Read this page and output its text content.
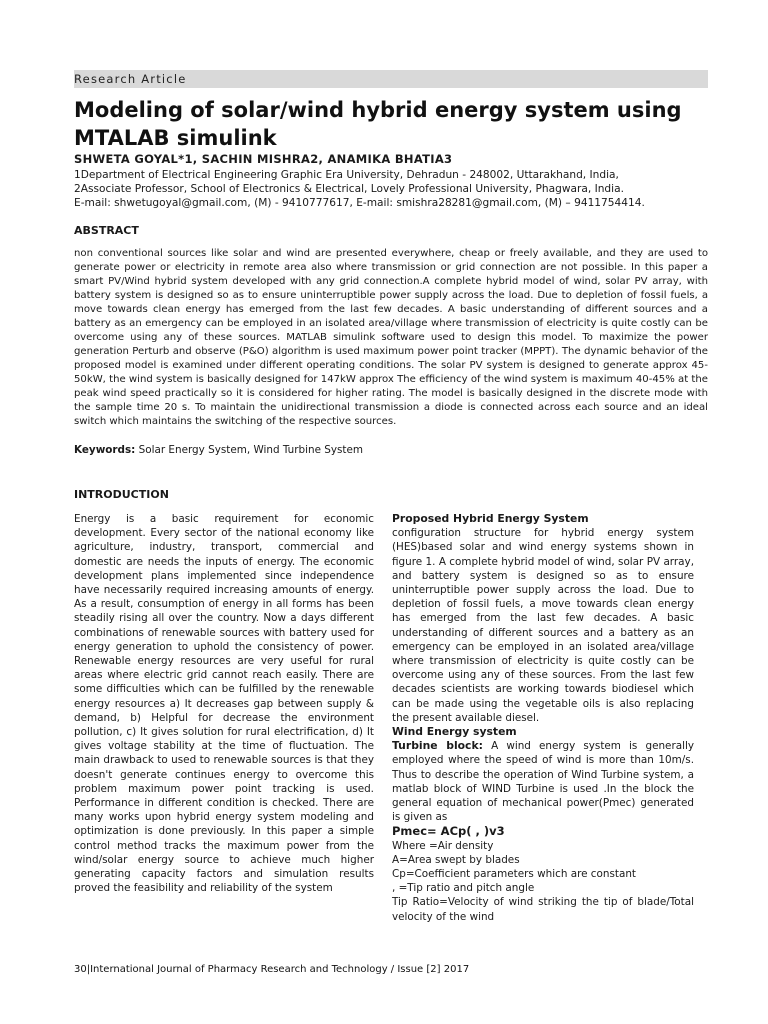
Research Article
Modeling of solar/wind hybrid energy system using MTALAB simulink
SHWETA GOYAL*1, SACHIN MISHRA2, ANAMIKA BHATIA3
1Department of Electrical Engineering Graphic Era University, Dehradun - 248002, Uttarakhand, India,
2Associate Professor, School of Electronics & Electrical, Lovely Professional University, Phagwara, India.
E-mail: shwetugoyal@gmail.com, (M) - 9410777617, E-mail: smishra28281@gmail.com, (M) – 9411754414.
ABSTRACT

non conventional sources like solar and wind are presented everywhere, cheap or freely available, and they are used to generate power or electricity in remote area also where transmission or grid connection are not possible. In this paper a smart PV/Wind hybrid system developed with any grid connection.A complete hybrid model of wind, solar PV array, with battery system is designed so as to ensure uninterruptible power supply across the load. Due to depletion of fossil fuels, a move towards clean energy has emerged from the last few decades. A basic understanding of different sources and a battery as an emergency can be employed in an isolated area/village where transmission of electricity is quite costly can be overcome using any of these sources. MATLAB simulink software used to design this model. To maximize the power generation Perturb and observe (P&O) algorithm is used maximum power point tracker (MPPT). The dynamic behavior of the proposed model is examined under different operating conditions. The solar PV system is designed to generate approx 45-50kW, the wind system is basically designed for 147kW approx The efficiency of the wind system is maximum 40-45% at the peak wind speed practically so it is considered for higher rating. The model is basically designed in the discrete mode with the sample time 20 s. To maintain the unidirectional transmission a diode is connected across each source and an ideal switch which maintains the switching of the respective sources.

Keywords: Solar Energy System, Wind Turbine System
INTRODUCTION

Energy is a basic requirement for economic development. Every sector of the national economy like agriculture, industry, transport, commercial and domestic are needs the inputs of energy. The economic development plans implemented since independence have necessarily required increasing amounts of energy. As a result, consumption of energy in all forms has been steadily rising all over the country. Now a days different combinations of renewable sources with battery used for energy generation to uphold the consistency of power. Renewable energy resources are very useful for rural areas where electric grid cannot reach easily. There are some difficulties which can be fulfilled by the renewable energy resources a) It decreases gap between supply & demand, b) Helpful for decrease the environment pollution, c) It gives solution for rural electrification, d) It gives voltage stability at the time of fluctuation. The main drawback to used to renewable sources is that they doesn't generate continues energy to overcome this problem maximum power point tracking is used. Performance in different condition is checked. There are many works upon hybrid energy system modeling and optimization is done previously. In this paper a simple control method tracks the maximum power from the wind/solar energy source to achieve much higher generating capacity factors and simulation results proved the feasibility and reliability of the system

Proposed Hybrid Energy System

configuration structure for hybrid energy system (HES)based solar and wind energy systems shown in figure 1. A complete hybrid model of wind, solar PV array, and battery system is designed so as to ensure uninterruptible power supply across the load. Due to depletion of fossil fuels, a move towards clean energy has emerged from the last few decades. A basic understanding of different sources and a battery as an emergency can be employed in an isolated area/village where transmission of electricity is quite costly can be overcome using any of these sources. From the last few decades scientists are working towards biodiesel which can be made using the vegetable oils is also replacing the present available diesel.

Wind Energy system

Turbine block: A wind energy system is generally employed where the speed of wind is more than 10m/s. Thus to describe the operation of Wind Turbine system, a matlab block of WIND Turbine is used .In the block the general equation of mechanical power(Pmec) generated is given as

Pmec= ACp( , )v3

Where =Air density

A=Area swept by blades

Cp=Coefficient parameters which are constant

, =Tip ratio and pitch angle

Tip Ratio=Velocity of wind striking the tip of blade/Total velocity of the wind

30|International Journal of Pharmacy Research and Technology / Issue [2] 2017
